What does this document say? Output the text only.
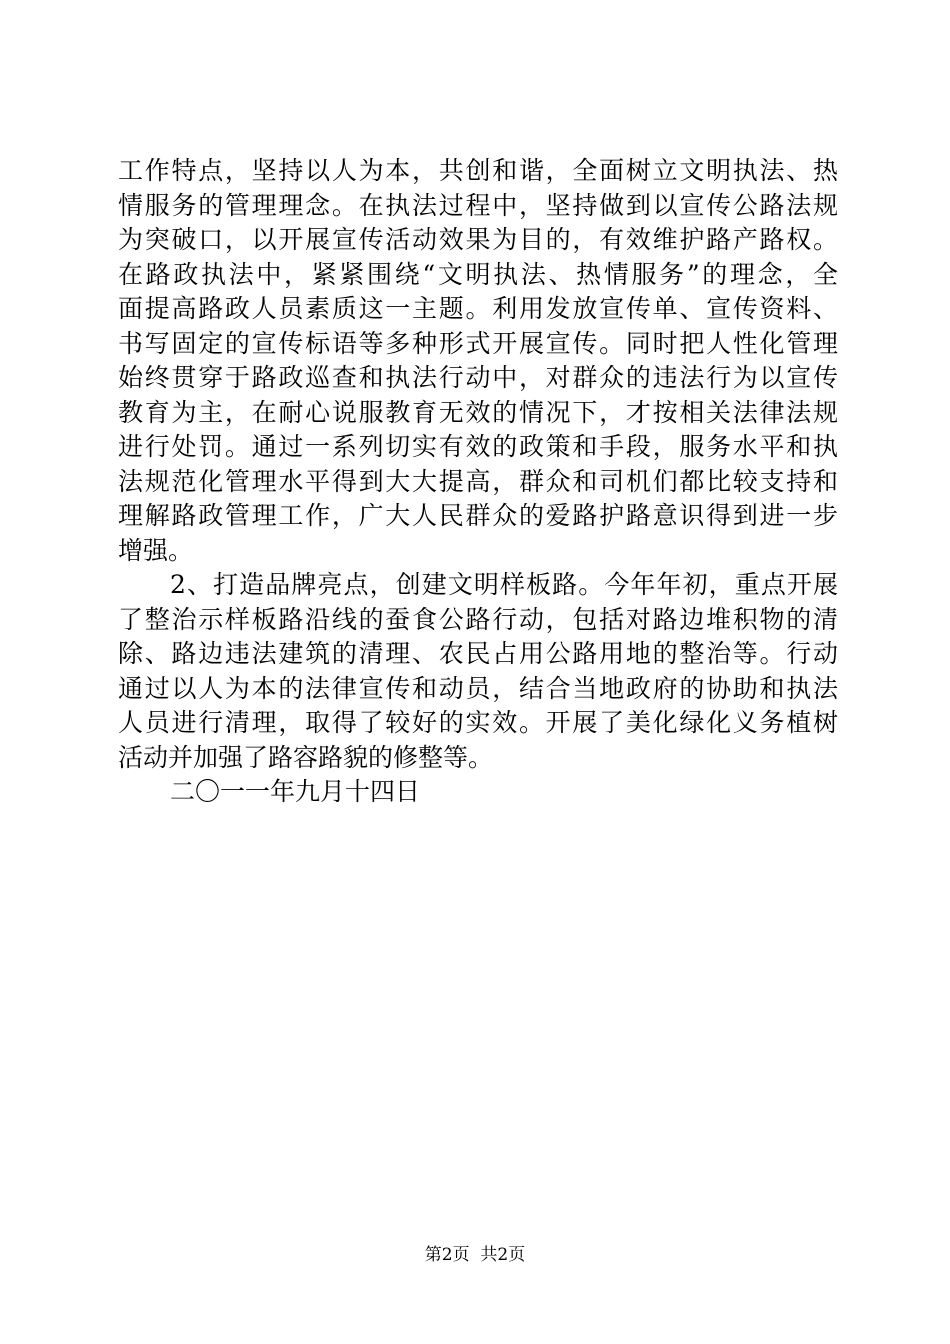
工作特点，坚持以人为本，共创和谐，全面树立文明执法、热
情服务的管理理念。在执法过程中，坚持做到以宣传公路法规
为突破口，以开展宣传活动效果为目的，有效维护路产路权。
在路政执法中，紧紧围绕“文明执法、热情服务”的理念，全
面提高路政人员素质这一主题。利用发放宣传单、宣传资料、
书写固定的宣传标语等多种形式开展宣传。同时把人性化管理
始终贯穿于路政巡查和执法行动中，对群众的违法行为以宣传
教育为主，在耐心说服教育无效的情况下，才按相关法律法规
进行处罚。通过一系列切实有效的政策和手段，服务水平和执
法规范化管理水平得到大大提高，群众和司机们都比较支持和
理解路政管理工作，广大人民群众的爱路护路意识得到进一步
增强。
2、打造品牌亮点，创建文明样板路。今年年初，重点开展
了整治示样板路沿线的蚕食公路行动，包括对路边堆积物的清
除、路边违法建筑的清理、农民占用公路用地的整治等。行动
通过以人为本的法律宣传和动员，结合当地政府的协助和执法
人员进行清理，取得了较好的实效。开展了美化绿化义务植树
活动并加强了路容路貌的修整等。
二〇一一年九月十四日
第2页  共2页
